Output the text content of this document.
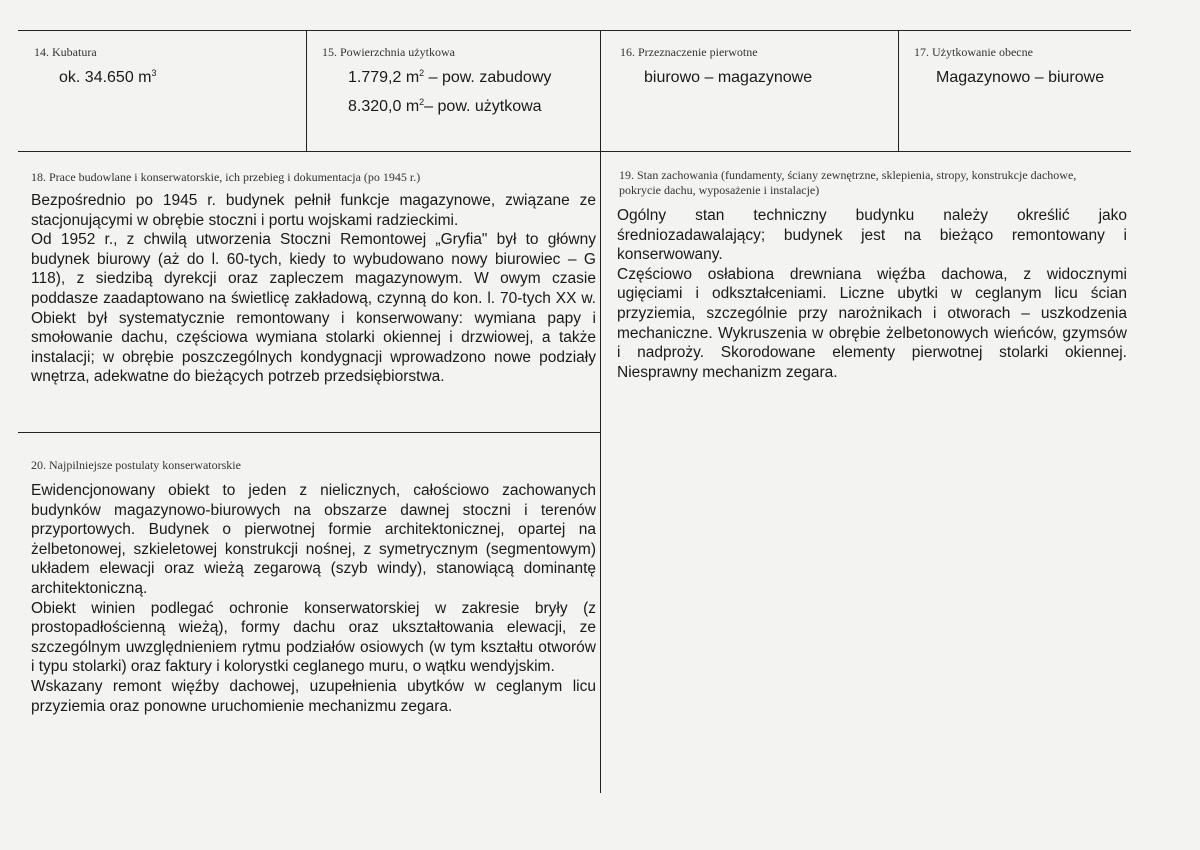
14. Kubatura
ok. 34.650 $m^3$
15. Powierzchnia użytkowa
1.779,2 $m^2$ – pow. zabudowy
8.320,0 $m^2-$ pow. użytkowa
16. Przeznaczenie pierwotne
biurowo – magazynowe
17. Użytkowanie obecne
Magazynowo – biurowe
18. Prace budowlane i konserwatorskie, ich przebieg i dokumentacja (po 1945 r.)

Bezpośrednio po 1945 r. budynek pełnił funkcje magazynowe, związane ze stacjonującymi w obrębie stoczni i portu wojskami radzieckimi.

Od 1952 r., z chwilą utworzenia Stoczni Remontowej „Gryfia" był to główny budynek biurowy (aż do l. 60-tych, kiedy to wybudowano nowy biurowiec – G 118), z siedzibą dyrekcji oraz zapleczem magazynowym. W owym czasie poddasze zaadaptowano na świetlicę zakładową, czynną do kon. l. 70-tych XX w. Obiekt był systematycznie remontowany i konserwowany: wymiana papy i smołowanie dachu, częściowa wymiana stolarki okiennej i drzwiowej, a także instalacji; w obrębie poszczególnych kondygnacji wprowadzono nowe podziały wnętrza, adekwatne do bieżących potrzeb przedsiębiorstwa.

19. Stan zachowania (fundamenty, ściany zewnętrzne, sklepienia, stropy, konstrukcje dachowe, pokrycie dachu, wyposażenie i instalacje)

Ogólny stan techniczny budynku należy określić jako średniozadawalający; budynek jest na bieżąco remontowany i konserwowany.

Częściowo osłabiona drewniana więźba dachowa, z widocznymi ugięciami i odkształceniami. Liczne ubytki w ceglanym licu ścian przyziemia, szczególnie przy narożnikach i otworach – uszkodzenia mechaniczne. Wykruszenia w obrębie żelbetonowych wieńców, gzymsów i nadproży. Skorodowane elementy pierwotnej stolarki okiennej. Niesprawny mechanizm zegara.

20. Najpilniejsze postulaty konserwatorskie

Ewidencjonowany obiekt to jeden z nielicznych, całościowo zachowanych budynków magazynowo-biurowych na obszarze dawnej stoczni i terenów przyportowych. Budynek o pierwotnej formie architektonicznej, opartej na żelbetonowej, szkieletowej konstrukcji nośnej, z symetrycznym (segmentowym) układem elewacji oraz wieżą zegarową (szyb windy), stanowiącą dominantę architektoniczną.

Obiekt winien podlegać ochronie konserwatorskiej w zakresie bryły (z prostopadłościenną wieżą), formy dachu oraz ukształtowania elewacji, ze szczególnym uwzględnieniem rytmu podziałów osiowych (w tym kształtu otworów i typu stolarki) oraz faktury i kolorystki ceglanego muru, o wątku wendyjskim.

Wskazany remont więźby dachowej, uzupełnienia ubytków w ceglanym licu przyziemia oraz ponowne uruchomienie mechanizmu zegara.
